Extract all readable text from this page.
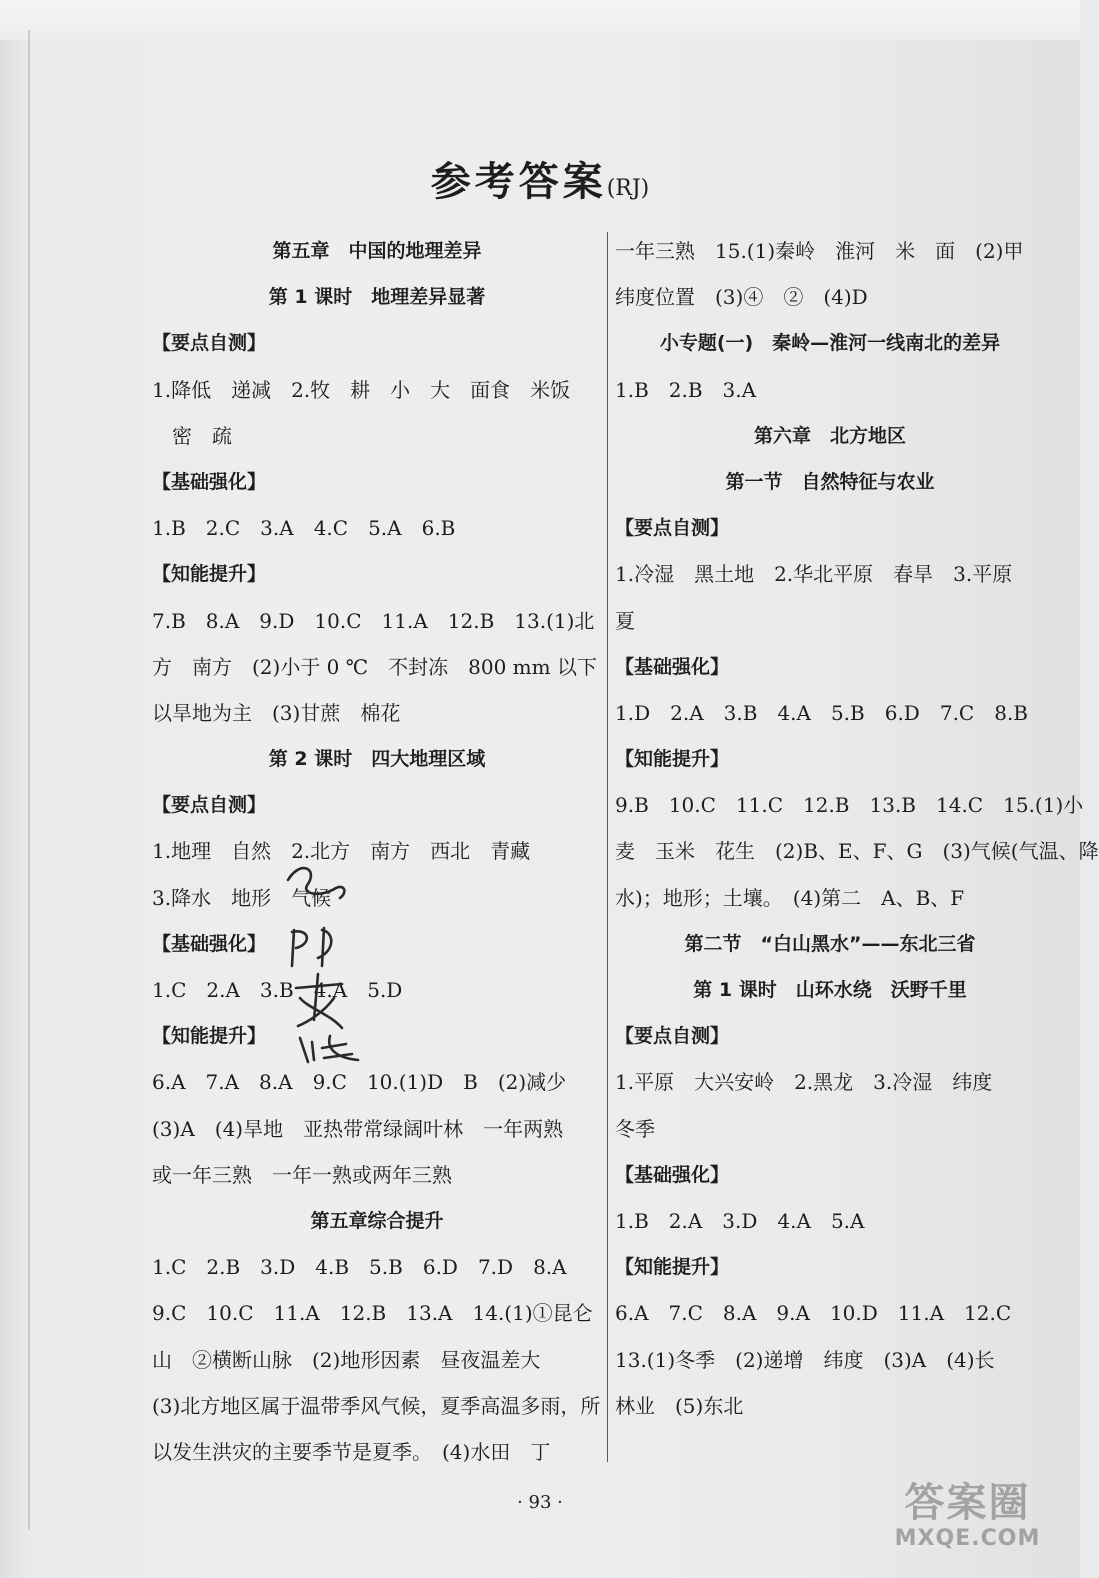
参考答案(RJ)
第五章　中国的地理差异
第 1 课时　地理差异显著
【要点自测】
1.降低　递减　2.牧　耕　小　大　面食　米饭
　密　疏
【基础强化】
1.B　2.C　3.A　4.C　5.A　6.B
【知能提升】
7.B　8.A　9.D　10.C　11.A　12.B　13.(1)北
方　南方　(2)小于 0 ℃　不封冻　800 mm 以下
以旱地为主　(3)甘蔗　棉花
第 2 课时　四大地理区域
【要点自测】
1.地理　自然　2.北方　南方　西北　青藏
3.降水　地形　气候
【基础强化】
1.C　2.A　3.B　4.A　5.D
【知能提升】
6.A　7.A　8.A　9.C　10.(1)D　B　(2)减少
(3)A　(4)旱地　亚热带常绿阔叶林　一年两熟
或一年三熟　一年一熟或两年三熟
第五章综合提升
1.C　2.B　3.D　4.B　5.B　6.D　7.D　8.A
9.C　10.C　11.A　12.B　13.A　14.(1)①昆仑
山　②横断山脉　(2)地形因素　昼夜温差大
(3)北方地区属于温带季风气候，夏季高温多雨，所
以发生洪灾的主要季节是夏季。　(4)水田　丁
一年三熟　15.(1)秦岭　淮河　米　面　(2)甲
纬度位置　(3)④　②　(4)D
小专题(一)　秦岭—淮河一线南北的差异
1.B　2.B　3.A
第六章　北方地区
第一节　自然特征与农业
【要点自测】
1.冷湿　黑土地　2.华北平原　春旱　3.平原
夏
【基础强化】
1.D　2.A　3.B　4.A　5.B　6.D　7.C　8.B
【知能提升】
9.B　10.C　11.C　12.B　13.B　14.C　15.(1)小
麦　玉米　花生　(2)B、E、F、G　(3)气候(气温、降
水)；地形；土壤。　(4)第二　A、B、F
第二节　“白山黑水”——东北三省
第 1 课时　山环水绕　沃野千里
【要点自测】
1.平原　大兴安岭　2.黑龙　3.冷湿　纬度
冬季
【基础强化】
1.B　2.A　3.D　4.A　5.A
【知能提升】
6.A　7.C　8.A　9.A　10.D　11.A　12.C
13.(1)冬季　(2)递增　纬度　(3)A　(4)长
林业　(5)东北
· 93 ·	答案圈
MXQE.COM
